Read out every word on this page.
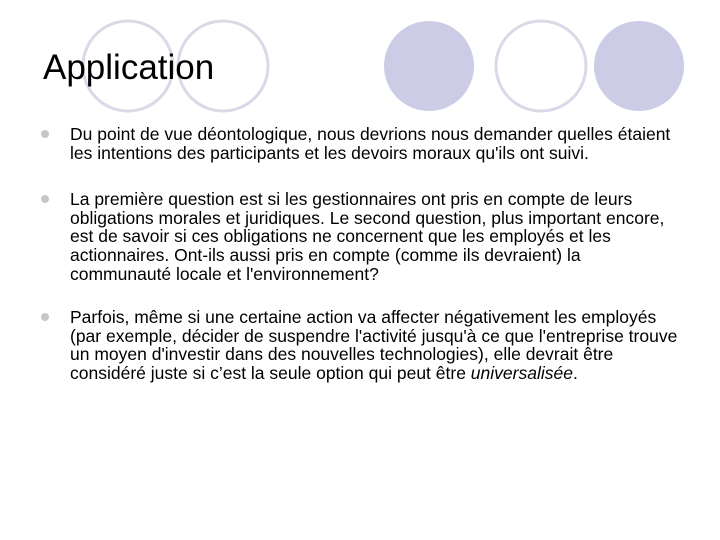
Application
Du point de vue déontologique, nous devrions nous demander quelles étaient les intentions des participants et les devoirs moraux qu'ils ont suivi.
La première question est si les gestionnaires ont pris en compte de leurs obligations morales et juridiques. Le second question, plus important encore, est de savoir si ces obligations ne concernent que les employés et les actionnaires. Ont-ils aussi pris en compte (comme ils devraient) la communauté locale et l'environnement?
Parfois, même si une certaine action va affecter négativement les employés (par exemple, décider de suspendre l'activité jusqu'à ce que l'entreprise trouve un moyen d'investir dans des nouvelles technologies), elle devrait être considéré juste si c’est la seule option qui peut être universalisée.
